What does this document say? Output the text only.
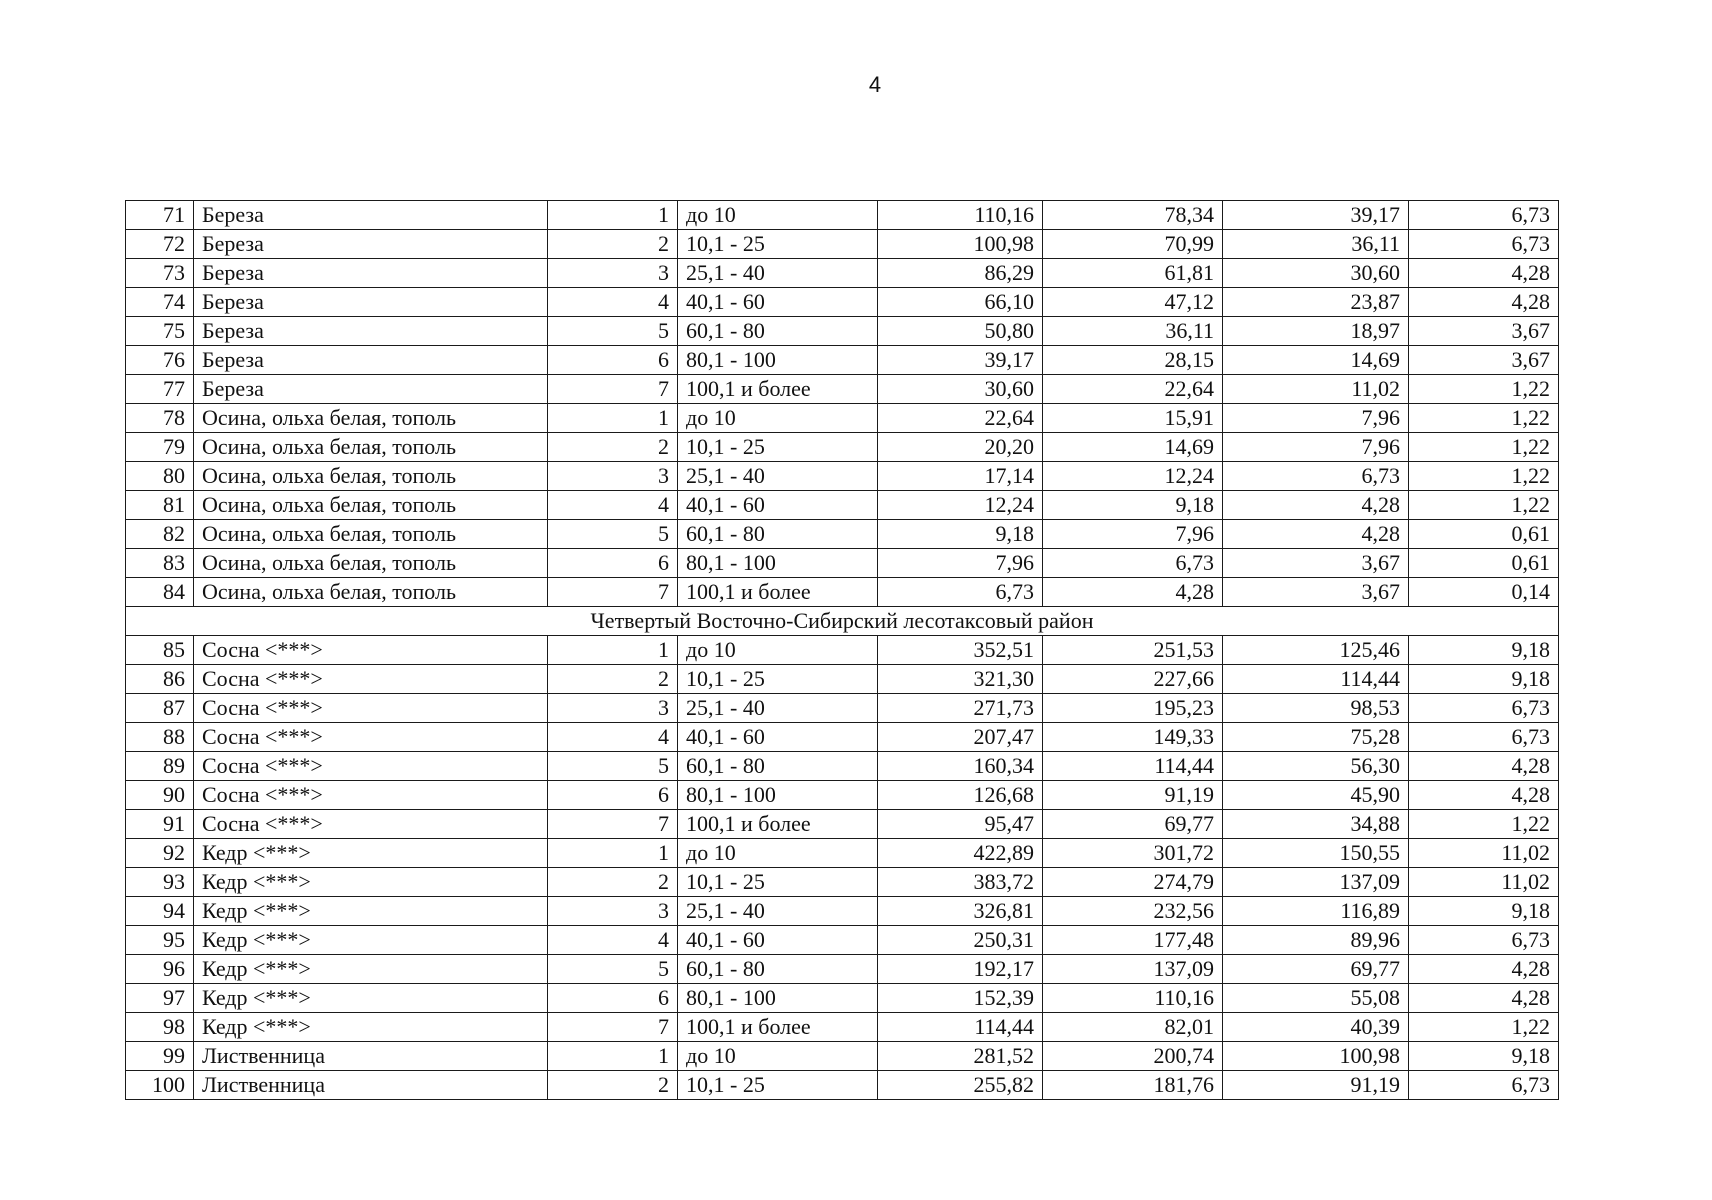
4
71	Береза	1	до 10	110,16	78,34	39,17	6,73
72	Береза	2	10,1 - 25	100,98	70,99	36,11	6,73
73	Береза	3	25,1 - 40	86,29	61,81	30,60	4,28
74	Береза	4	40,1 - 60	66,10	47,12	23,87	4,28
75	Береза	5	60,1 - 80	50,80	36,11	18,97	3,67
76	Береза	6	80,1 - 100	39,17	28,15	14,69	3,67
77	Береза	7	100,1 и более	30,60	22,64	11,02	1,22
78	Осина, ольха белая, тополь	1	до 10	22,64	15,91	7,96	1,22
79	Осина, ольха белая, тополь	2	10,1 - 25	20,20	14,69	7,96	1,22
80	Осина, ольха белая, тополь	3	25,1 - 40	17,14	12,24	6,73	1,22
81	Осина, ольха белая, тополь	4	40,1 - 60	12,24	9,18	4,28	1,22
82	Осина, ольха белая, тополь	5	60,1 - 80	9,18	7,96	4,28	0,61
83	Осина, ольха белая, тополь	6	80,1 - 100	7,96	6,73	3,67	0,61
84	Осина, ольха белая, тополь	7	100,1 и более	6,73	4,28	3,67	0,14
Четвертый Восточно-Сибирский лесотаксовый район							
85	Сосна <***>	1	до 10	352,51	251,53	125,46	9,18
86	Сосна <***>	2	10,1 - 25	321,30	227,66	114,44	9,18
87	Сосна <***>	3	25,1 - 40	271,73	195,23	98,53	6,73
88	Сосна <***>	4	40,1 - 60	207,47	149,33	75,28	6,73
89	Сосна <***>	5	60,1 - 80	160,34	114,44	56,30	4,28
90	Сосна <***>	6	80,1 - 100	126,68	91,19	45,90	4,28
91	Сосна <***>	7	100,1 и более	95,47	69,77	34,88	1,22
92	Кедр <***>	1	до 10	422,89	301,72	150,55	11,02
93	Кедр <***>	2	10,1 - 25	383,72	274,79	137,09	11,02
94	Кедр <***>	3	25,1 - 40	326,81	232,56	116,89	9,18
95	Кедр <***>	4	40,1 - 60	250,31	177,48	89,96	6,73
96	Кедр <***>	5	60,1 - 80	192,17	137,09	69,77	4,28
97	Кедр <***>	6	80,1 - 100	152,39	110,16	55,08	4,28
98	Кедр <***>	7	100,1 и более	114,44	82,01	40,39	1,22
99	Лиственница	1	до 10	281,52	200,74	100,98	9,18
100	Лиственница	2	10,1 - 25	255,82	181,76	91,19	6,73
